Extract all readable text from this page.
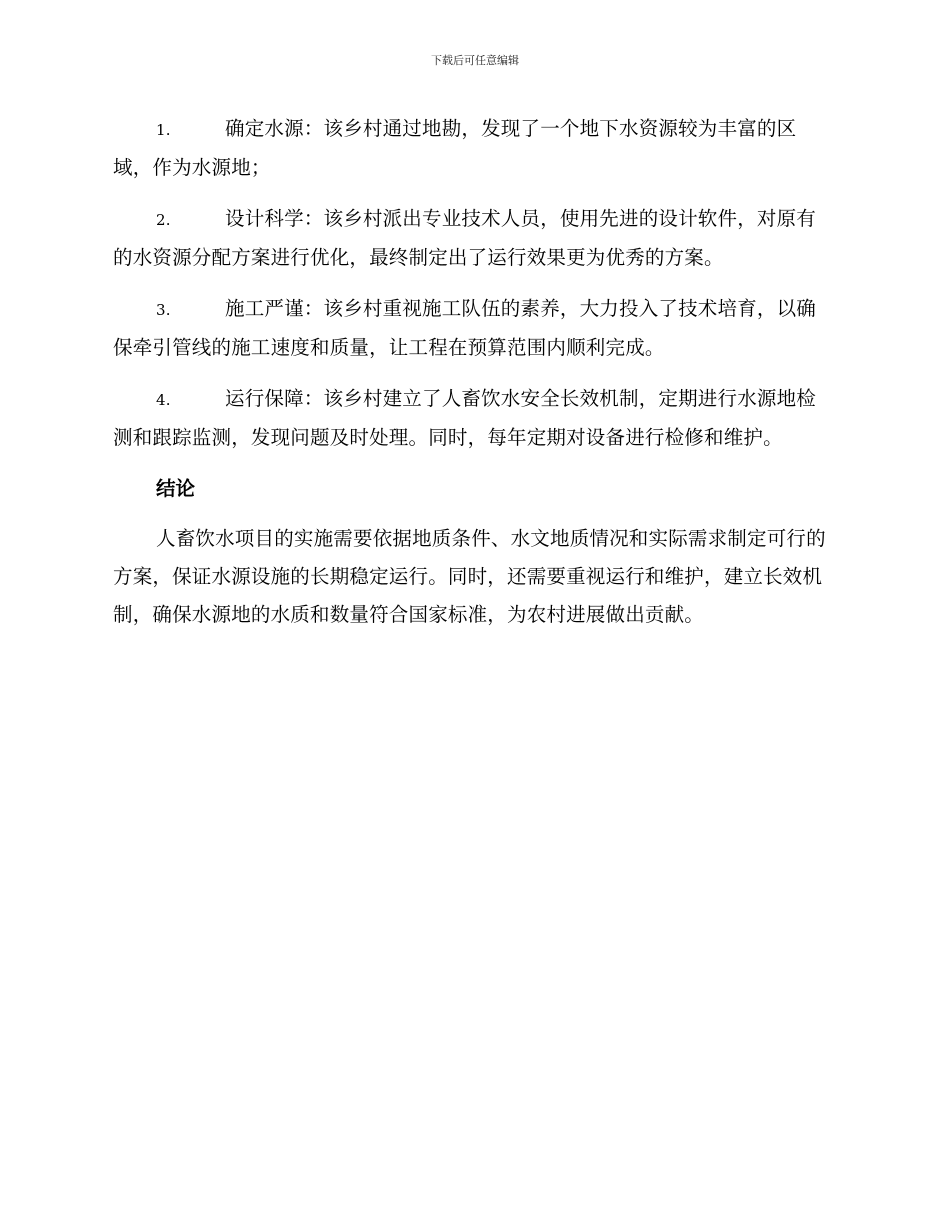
下载后可任意编辑

1.	确定水源：该乡村通过地勘，发现了一个地下水资源较为丰富的区域，作为水源地；

2.	设计科学：该乡村派出专业技术人员，使用先进的设计软件，对原有的水资源分配方案进行优化，最终制定出了运行效果更为优秀的方案。

3.	施工严谨：该乡村重视施工队伍的素养，大力投入了技术培育，以确保牵引管线的施工速度和质量，让工程在预算范围内顺利完成。

4.	运行保障：该乡村建立了人畜饮水安全长效机制，定期进行水源地检测和跟踪监测，发现问题及时处理。同时，每年定期对设备进行检修和维护。

结论

人畜饮水项目的实施需要依据地质条件、水文地质情况和实际需求制定可行的方案，保证水源设施的长期稳定运行。同时，还需要重视运行和维护，建立长效机制，确保水源地的水质和数量符合国家标准，为农村进展做出贡献。
